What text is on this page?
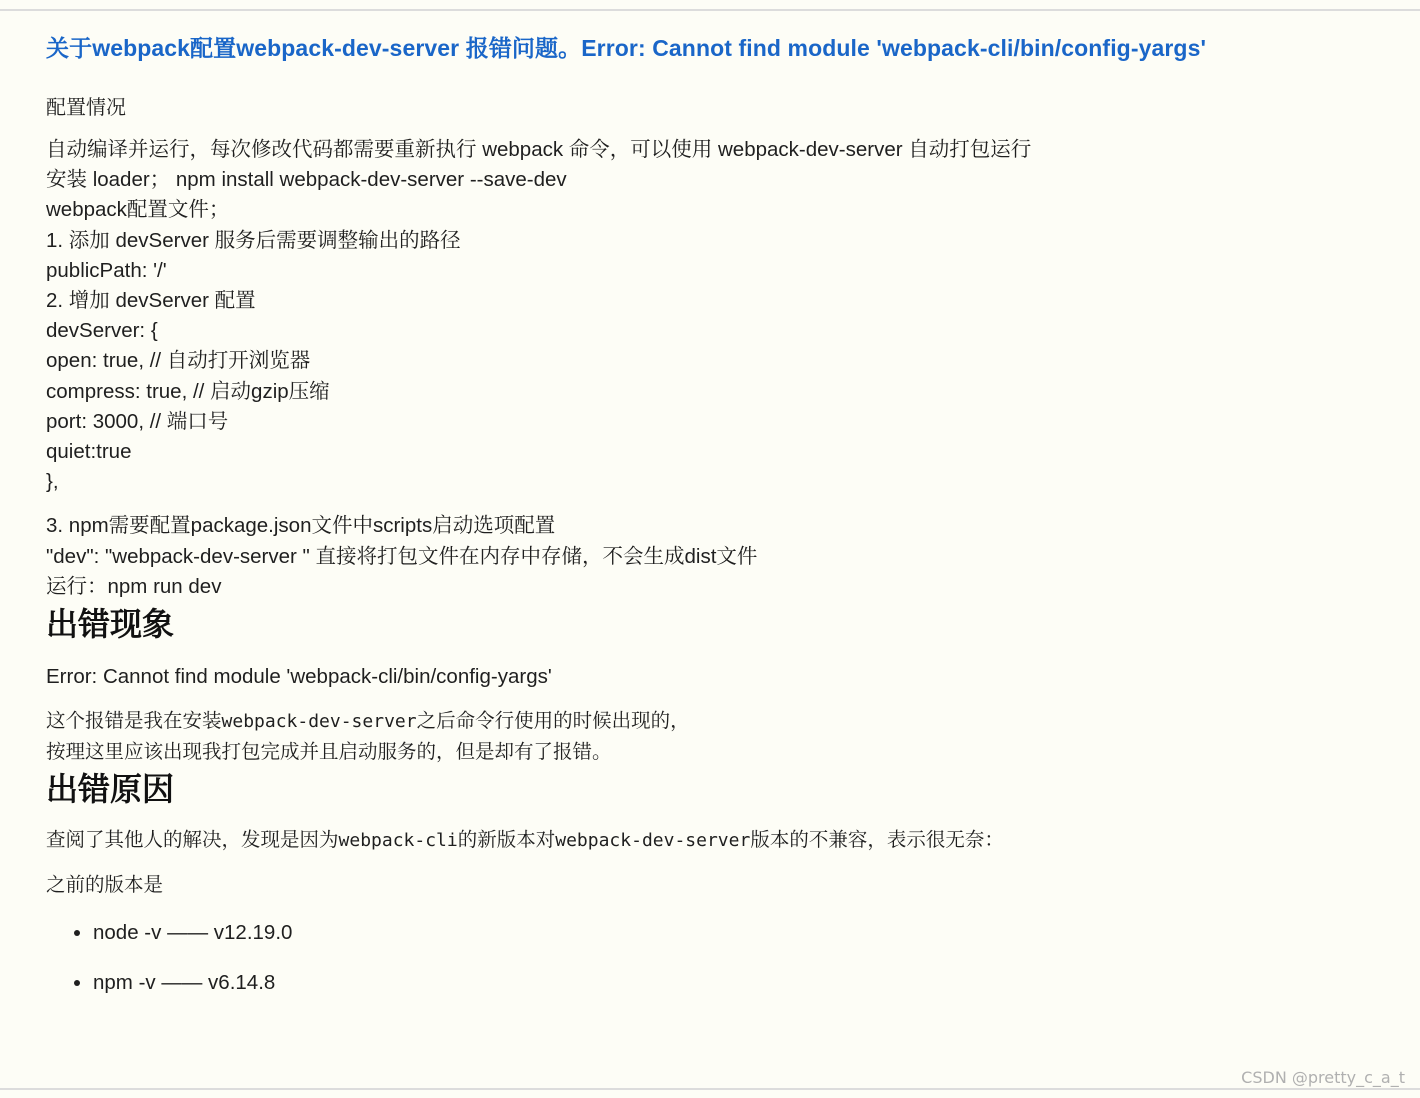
关于webpack配置webpack-dev-server 报错问题。Error: Cannot find module 'webpack-cli/bin/config-yargs'

配置情况

自动编译并运行，每次修改代码都需要重新执行 webpack 命令，可以使用 webpack-dev-server 自动打包运行
安装 loader； npm install webpack-dev-server --save-dev
webpack配置文件；
1. 添加 devServer 服务后需要调整输出的路径
publicPath: '/'
2. 增加 devServer 配置
devServer: {
open: true, // 自动打开浏览器
compress: true, // 启动gzip压缩
port: 3000, // 端口号
quiet:true
},
3. npm需要配置package.json文件中scripts启动选项配置
"dev": "webpack-dev-server " 直接将打包文件在内存中存储，不会生成dist文件
运行：npm run dev
出错现象

Error: Cannot find module 'webpack-cli/bin/config-yargs'

这个报错是我在安装webpack-dev-server之后命令行使用的时候出现的，
按理这里应该出现我打包完成并且启动服务的，但是却有了报错。

出错原因

查阅了其他人的解决，发现是因为webpack-cli的新版本对webpack-dev-server版本的不兼容，表示很无奈：

之前的版本是

• node -v —— v12.19.0
• npm -v —— v6.14.8
CSDN @pretty_c_a_t
